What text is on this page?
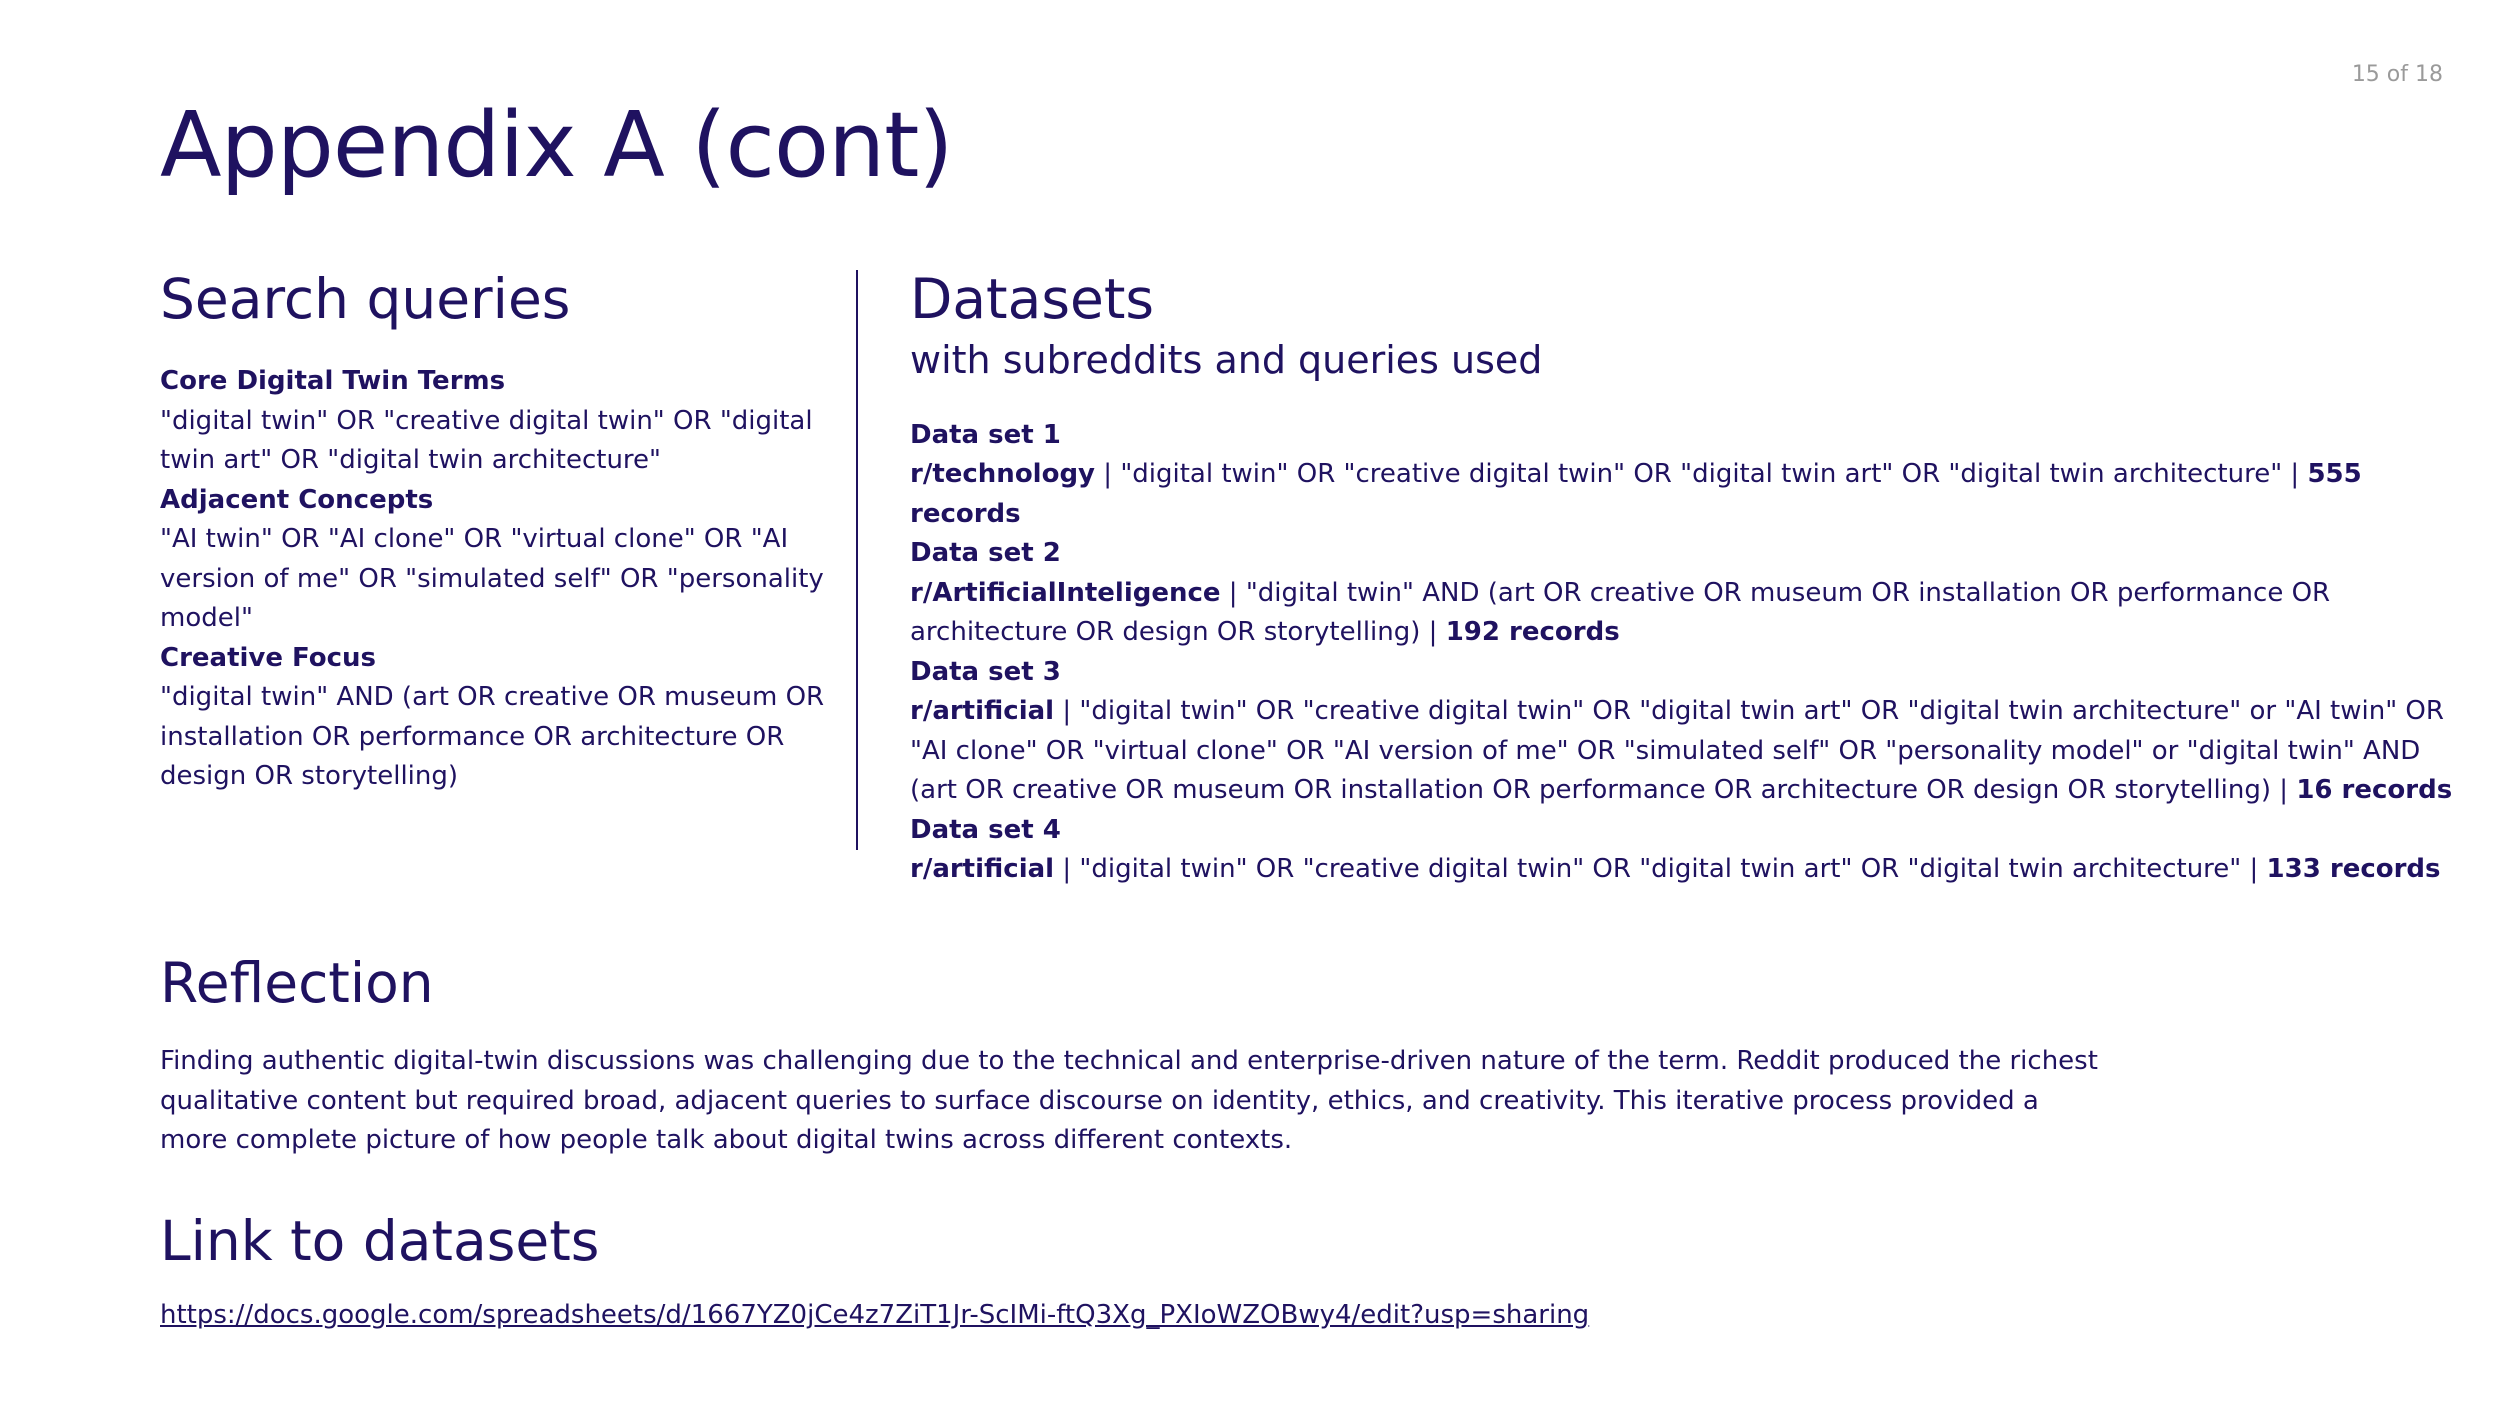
15 of 18
Appendix A (cont)
Search queries
Core Digital Twin Terms
"digital twin" OR "creative digital twin" OR "digital twin art" OR "digital twin architecture"
Adjacent Concepts
"AI twin" OR "AI clone" OR "virtual clone" OR "AI version of me" OR "simulated self" OR "personality model"
Creative Focus
"digital twin" AND (art OR creative OR museum OR installation OR performance OR architecture OR design OR storytelling)
Datasets
with subreddits and queries used
Data set 1
r/technology | "digital twin" OR "creative digital twin" OR "digital twin art" OR "digital twin architecture" | 555 records
Data set 2
r/ArtificialInteligence | "digital twin" AND (art OR creative OR museum OR installation OR performance OR architecture OR design OR storytelling) | 192 records
Data set 3
r/artificial | "digital twin" OR "creative digital twin" OR "digital twin art" OR "digital twin architecture" or "AI twin" OR "AI clone" OR "virtual clone" OR "AI version of me" OR "simulated self" OR "personality model" or "digital twin" AND (art OR creative OR museum OR installation OR performance OR architecture OR design OR storytelling) | 16 records
Data set 4
r/artificial | "digital twin" OR "creative digital twin" OR "digital twin art" OR "digital twin architecture" | 133 records
Reflection

Finding authentic digital-twin discussions was challenging due to the technical and enterprise-driven nature of the term. Reddit produced the richest qualitative content but required broad, adjacent queries to surface discourse on identity, ethics, and creativity. This iterative process provided a more complete picture of how people talk about digital twins across different contexts.

Link to datasets
https://docs.google.com/spreadsheets/d/1667YZ0jCe4z7ZiT1Jr-ScIMi-ftQ3Xg_PXIoWZOBwy4/edit?usp=sharing
